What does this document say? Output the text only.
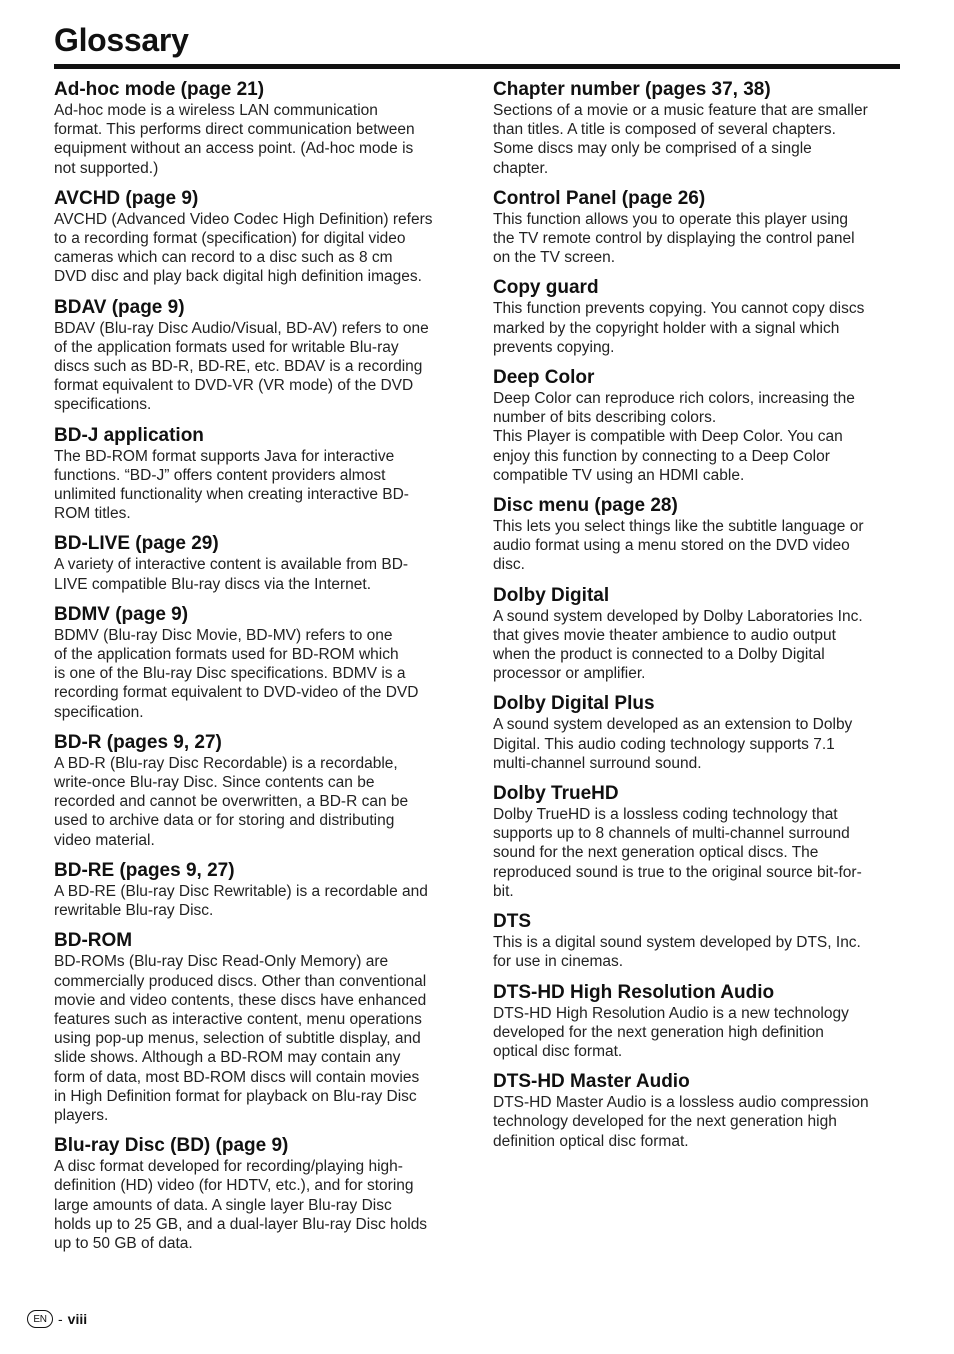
Glossary
Ad-hoc mode (page 21)

Ad-hoc mode is a wireless LAN communication
format. This performs direct communication between
equipment without an access point. (Ad-hoc mode is
not supported.)

AVCHD (page 9)

AVCHD (Advanced Video Codec High Definition) refers
to a recording format (specification) for digital video
cameras which can record to a disc such as 8 cm
DVD disc and play back digital high definition images.

BDAV (page 9)

BDAV (Blu-ray Disc Audio/Visual, BD-AV) refers to one
of the application formats used for writable Blu-ray
discs such as BD-R, BD-RE, etc. BDAV is a recording
format equivalent to DVD-VR (VR mode) of the DVD
specifications.

BD-J application

The BD-ROM format supports Java for interactive
functions. “BD-J” offers content providers almost
unlimited functionality when creating interactive BD-
ROM titles.

BD-LIVE (page 29)

A variety of interactive content is available from BD-
LIVE compatible Blu-ray discs via the Internet.

BDMV (page 9)

BDMV (Blu-ray Disc Movie, BD-MV) refers to one
of the application formats used for BD-ROM which
is one of the Blu-ray Disc specifications. BDMV is a
recording format equivalent to DVD-video of the DVD
specification.

BD-R (pages 9, 27)

A BD-R (Blu-ray Disc Recordable) is a recordable,
write-once Blu-ray Disc. Since contents can be
recorded and cannot be overwritten, a BD-R can be
used to archive data or for storing and distributing
video material.

BD-RE (pages 9, 27)

A BD-RE (Blu-ray Disc Rewritable) is a recordable and
rewritable Blu-ray Disc.

BD-ROM

BD-ROMs (Blu-ray Disc Read-Only Memory) are
commercially produced discs. Other than conventional
movie and video contents, these discs have enhanced
features such as interactive content, menu operations
using pop-up menus, selection of subtitle display, and
slide shows. Although a BD-ROM may contain any
form of data, most BD-ROM discs will contain movies
in High Definition format for playback on Blu-ray Disc
players.

Blu-ray Disc (BD) (page 9)

A disc format developed for recording/playing high-
definition (HD) video (for HDTV, etc.), and for storing
large amounts of data. A single layer Blu-ray Disc
holds up to 25 GB, and a dual-layer Blu-ray Disc holds
up to 50 GB of data.

Chapter number (pages 37, 38)

Sections of a movie or a music feature that are smaller
than titles. A title is composed of several chapters.
Some discs may only be comprised of a single
chapter.

Control Panel (page 26)

This function allows you to operate this player using
the TV remote control by displaying the control panel
on the TV screen.

Copy guard

This function prevents copying. You cannot copy discs
marked by the copyright holder with a signal which
prevents copying.

Deep Color

Deep Color can reproduce rich colors, increasing the
number of bits describing colors.
This Player is compatible with Deep Color. You can
enjoy this function by connecting to a Deep Color
compatible TV using an HDMI cable.

Disc menu (page 28)

This lets you select things like the subtitle language or
audio format using a menu stored on the DVD video
disc.

Dolby Digital

A sound system developed by Dolby Laboratories Inc.
that gives movie theater ambience to audio output
when the product is connected to a Dolby Digital
processor or amplifier.

Dolby Digital Plus

A sound system developed as an extension to Dolby
Digital. This audio coding technology supports 7.1
multi-channel surround sound.

Dolby TrueHD

Dolby TrueHD is a lossless coding technology that
supports up to 8 channels of multi-channel surround
sound for the next generation optical discs. The
reproduced sound is true to the original source bit-for-
bit.

DTS

This is a digital sound system developed by DTS, Inc.
for use in cinemas.

DTS-HD High Resolution Audio

DTS-HD High Resolution Audio is a new technology
developed for the next generation high definition
optical disc format.

DTS-HD Master Audio

DTS-HD Master Audio is a lossless audio compression
technology developed for the next generation high
definition optical disc format.

EN - viii
